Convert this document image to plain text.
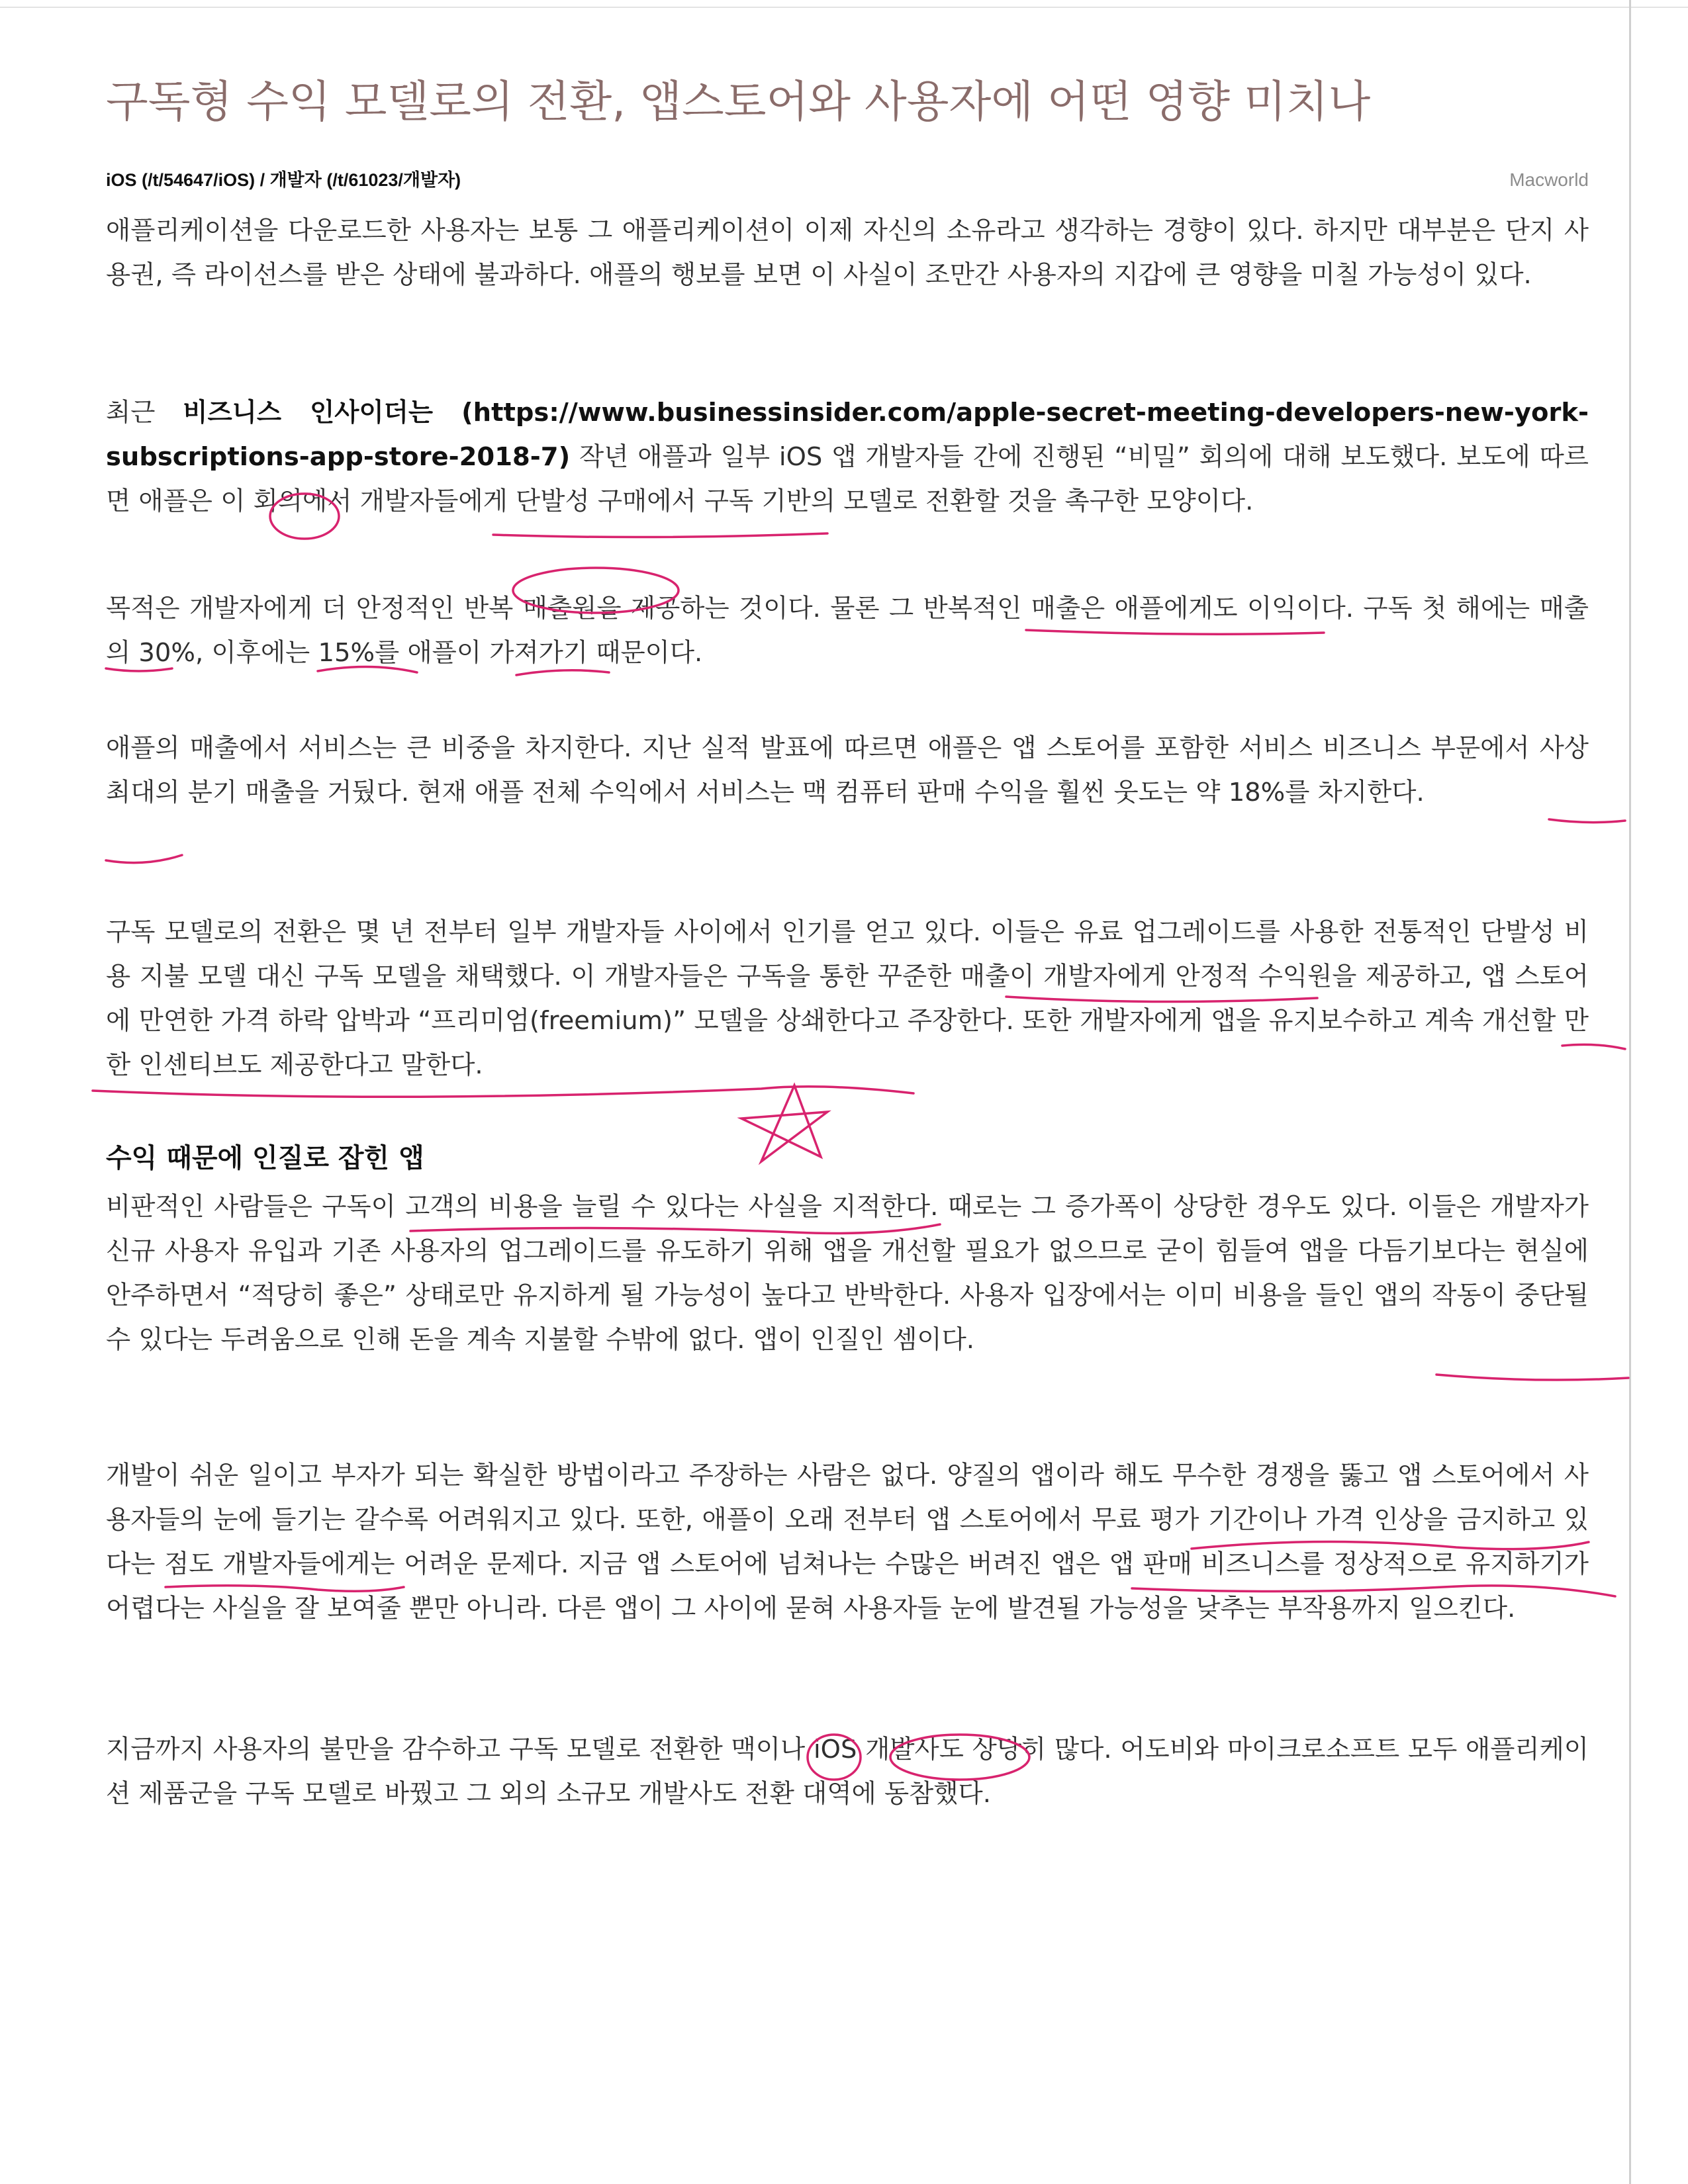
구독형 수익 모델로의 전환, 앱스토어와 사용자에 어떤 영향 미치나
iOS (/t/54647/iOS) / 개발자 (/t/61023/개발자)	Macworld

애플리케이션을 다운로드한 사용자는 보통 그 애플리케이션이 이제 자신의 소유라고 생각하는 경향이 있다. 하지만 대부분은 단지 사용권, 즉 라이선스를 받은 상태에 불과하다. 애플의 행보를 보면 이 사실이 조만간 사용자의 지갑에 큰 영향을 미칠 가능성이 있다.

최근 비즈니스 인사이더는 (https://www.businessinsider.com/apple-secret-meeting-developers-new-york-subscriptions-app-store-2018-7) 작년 애플과 일부 iOS 앱 개발자들 간에 진행된 “비밀” 회의에 대해 보도했다. 보도에 따르면 애플은 이 회의에서 개발자들에게 단발성 구매에서 구독 기반의 모델로 전환할 것을 촉구한 모양이다.

목적은 개발자에게 더 안정적인 반복 매출원을 제공하는 것이다. 물론 그 반복적인 매출은 애플에게도 이익이다. 구독 첫 해에는 매출의 30%, 이후에는 15%를 애플이 가져가기 때문이다.

애플의 매출에서 서비스는 큰 비중을 차지한다. 지난 실적 발표에 따르면 애플은 앱 스토어를 포함한 서비스 비즈니스 부문에서 사상 최대의 분기 매출을 거뒀다. 현재 애플 전체 수익에서 서비스는 맥 컴퓨터 판매 수익을 훨씬 웃도는 약 18%를 차지한다.

구독 모델로의 전환은 몇 년 전부터 일부 개발자들 사이에서 인기를 얻고 있다. 이들은 유료 업그레이드를 사용한 전통적인 단발성 비용 지불 모델 대신 구독 모델을 채택했다. 이 개발자들은 구독을 통한 꾸준한 매출이 개발자에게 안정적 수익원을 제공하고, 앱 스토어에 만연한 가격 하락 압박과 “프리미엄(freemium)” 모델을 상쇄한다고 주장한다. 또한 개발자에게 앱을 유지보수하고 계속 개선할 만한 인센티브도 제공한다고 말한다.

수익 때문에 인질로 잡힌 앱

비판적인 사람들은 구독이 고객의 비용을 늘릴 수 있다는 사실을 지적한다. 때로는 그 증가폭이 상당한 경우도 있다. 이들은 개발자가 신규 사용자 유입과 기존 사용자의 업그레이드를 유도하기 위해 앱을 개선할 필요가 없으므로 굳이 힘들여 앱을 다듬기보다는 현실에 안주하면서 “적당히 좋은” 상태로만 유지하게 될 가능성이 높다고 반박한다. 사용자 입장에서는 이미 비용을 들인 앱의 작동이 중단될 수 있다는 두려움으로 인해 돈을 계속 지불할 수밖에 없다. 앱이 인질인 셈이다.

개발이 쉬운 일이고 부자가 되는 확실한 방법이라고 주장하는 사람은 없다. 양질의 앱이라 해도 무수한 경쟁을 뚫고 앱 스토어에서 사용자들의 눈에 들기는 갈수록 어려워지고 있다. 또한, 애플이 오래 전부터 앱 스토어에서 무료 평가 기간이나 가격 인상을 금지하고 있다는 점도 개발자들에게는 어려운 문제다. 지금 앱 스토어에 넘쳐나는 수많은 버려진 앱은 앱 판매 비즈니스를 정상적으로 유지하기가 어렵다는 사실을 잘 보여줄 뿐만 아니라. 다른 앱이 그 사이에 묻혀 사용자들 눈에 발견될 가능성을 낮추는 부작용까지 일으킨다.

지금까지 사용자의 불만을 감수하고 구독 모델로 전환한 맥이나 iOS 개발사도 상당히 많다. 어도비와 마이크로소프트 모두 애플리케이션 제품군을 구독 모델로 바꿨고 그 외의 소규모 개발사도 전환 대역에 동참했다.
